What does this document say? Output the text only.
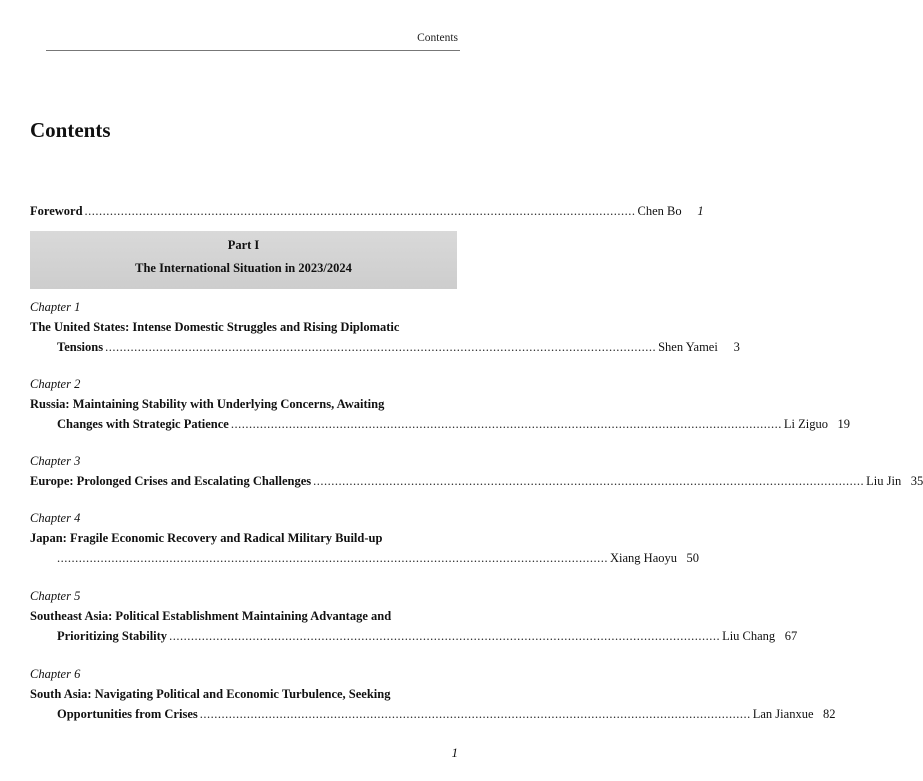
Contents
Contents
Foreword ........................................................................................................................................................ Chen Bo	1
Part I
The International Situation in 2023/2024
Chapter 1
The United States: Intense Domestic Struggles and Rising Diplomatic
Tensions ........................................................................................................................................................ Shen Yamei	3
Chapter 2
Russia: Maintaining Stability with Underlying Concerns, Awaiting
Changes with Strategic Patience ........................................................................................................................................................ Li Ziguo 19
Chapter 3
Europe: Prolonged Crises and Escalating Challenges ........................................................................................................................................................ Liu Jin 35
Chapter 4
Japan: Fragile Economic Recovery and Radical Military Build-up
........................................................................................................................................................ Xiang Haoyu 50
Chapter 5
Southeast Asia: Political Establishment Maintaining Advantage and
Prioritizing Stability ........................................................................................................................................................ Liu Chang 67
Chapter 6
South Asia: Navigating Political and Economic Turbulence, Seeking
Opportunities from Crises ........................................................................................................................................................ Lan Jianxue 82
1
